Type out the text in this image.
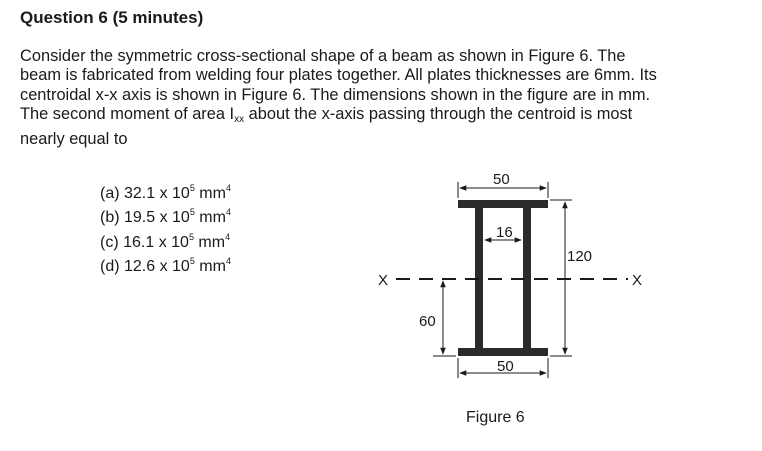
Question 6 (5 minutes)
Consider the symmetric cross-sectional shape of a beam as shown in Figure 6. The
beam is fabricated from welding four plates together. All plates thicknesses are 6mm. Its
centroidal x-x axis is shown in Figure 6. The dimensions shown in the figure are in mm.
The second moment of area $I_{xx}$ about the x-axis passing through the centroid is most
nearly equal to
(a) 32.1 x $10^5$ $mm^4$
(b) 19.5 x $10^5$ $mm^4$
(c) 16.1 x $10^5$ $mm^4$
(d) 12.6 x $10^5$ $mm^4$
X	X
50
16
120
60
50
Figure 6
